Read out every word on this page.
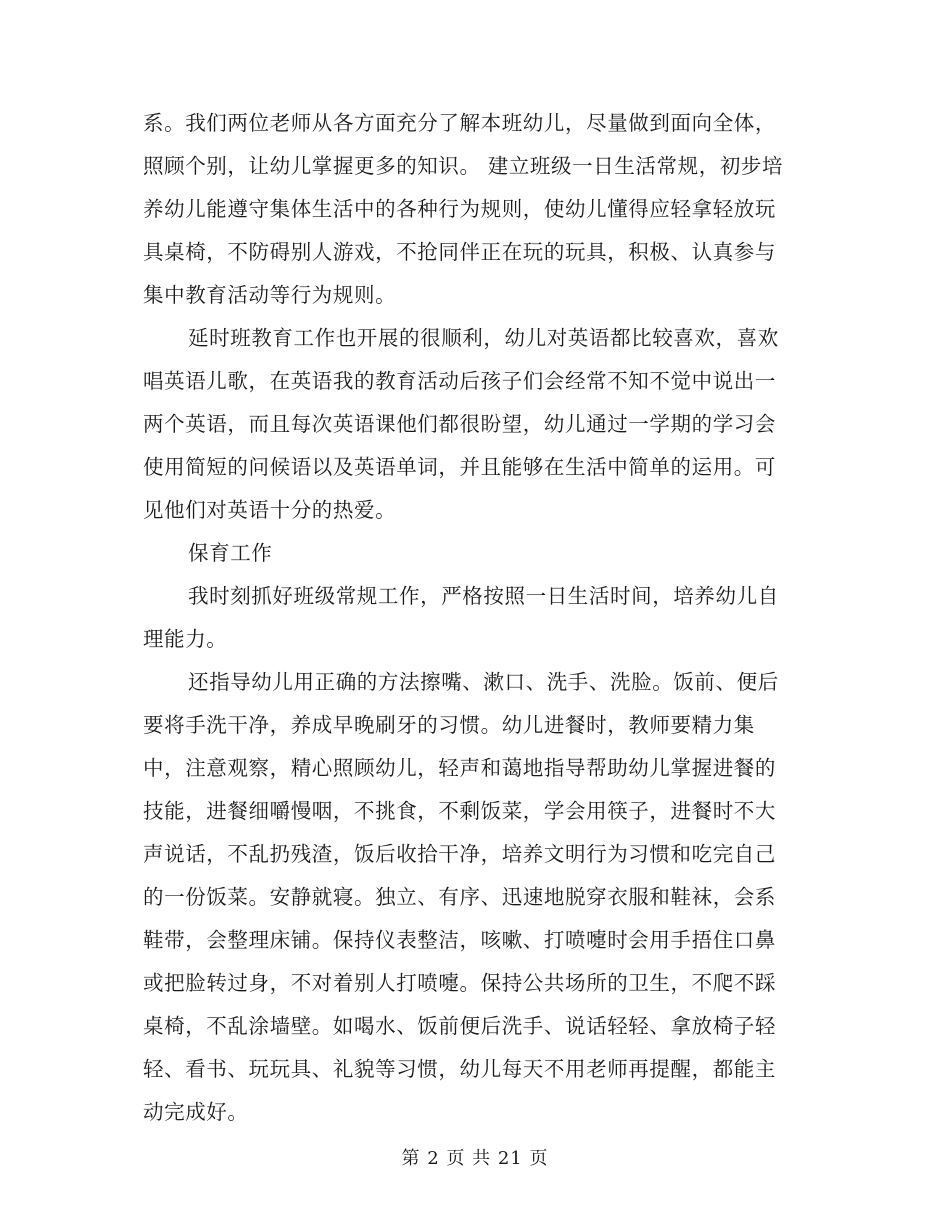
系。我们两位老师从各方面充分了解本班幼儿，尽量做到面向全体，
照顾个别，让幼儿掌握更多的知识。 建立班级一日生活常规，初步培
养幼儿能遵守集体生活中的各种行为规则，使幼儿懂得应轻拿轻放玩
具桌椅，不防碍别人游戏，不抢同伴正在玩的玩具，积极、认真参与
集中教育活动等行为规则。
延时班教育工作也开展的很顺利，幼儿对英语都比较喜欢，喜欢
唱英语儿歌，在英语我的教育活动后孩子们会经常不知不觉中说出一
两个英语，而且每次英语课他们都很盼望，幼儿通过一学期的学习会
使用简短的问候语以及英语单词，并且能够在生活中简单的运用。可
见他们对英语十分的热爱。
保育工作
我时刻抓好班级常规工作，严格按照一日生活时间，培养幼儿自
理能力。
还指导幼儿用正确的方法擦嘴、漱口、洗手、洗脸。饭前、便后
要将手洗干净，养成早晚刷牙的习惯。幼儿进餐时，教师要精力集
中，注意观察，精心照顾幼儿，轻声和蔼地指导帮助幼儿掌握进餐的
技能，进餐细嚼慢咽，不挑食，不剩饭菜，学会用筷子，进餐时不大
声说话，不乱扔残渣，饭后收拾干净，培养文明行为习惯和吃完自己
的一份饭菜。安静就寝。独立、有序、迅速地脱穿衣服和鞋袜，会系
鞋带，会整理床铺。保持仪表整洁，咳嗽、打喷嚏时会用手捂住口鼻
或把脸转过身，不对着别人打喷嚏。保持公共场所的卫生，不爬不踩
桌椅，不乱涂墙壁。如喝水、饭前便后洗手、说话轻轻、拿放椅子轻
轻、看书、玩玩具、礼貌等习惯，幼儿每天不用老师再提醒，都能主
动完成好。
第 2 页 共 21 页
